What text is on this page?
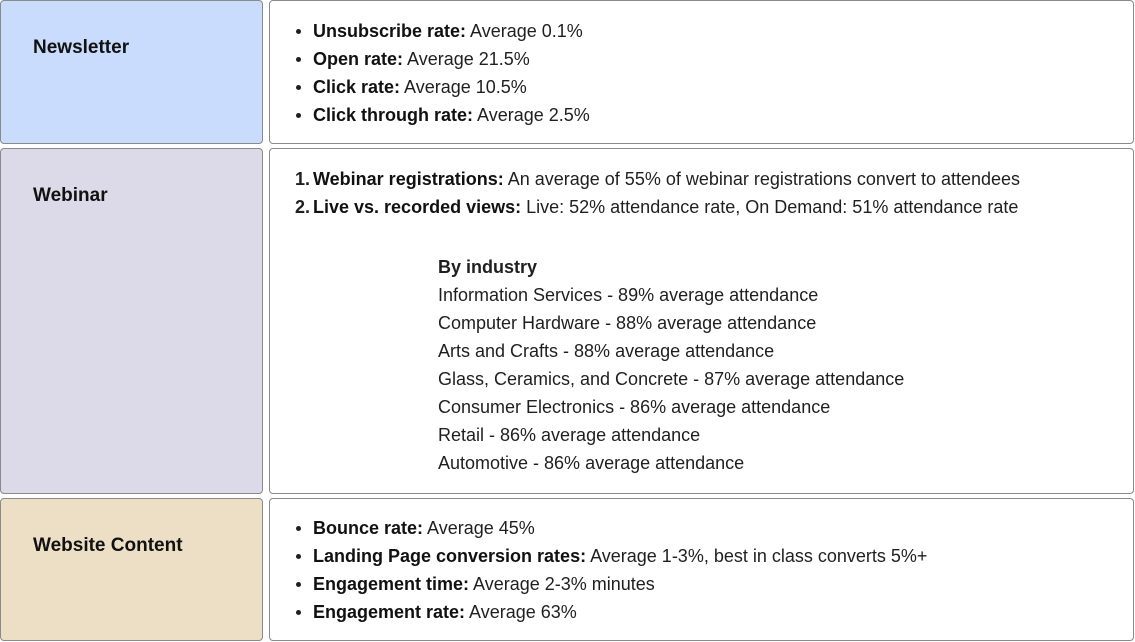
Newsletter
Unsubscribe rate: Average 0.1%
Open rate: Average 21.5%
Click rate: Average 10.5%
Click through rate: Average 2.5%
Webinar
1. Webinar registrations: An average of 55% of webinar registrations convert to attendees
2. Live vs. recorded views: Live: 52% attendance rate, On Demand: 51% attendance rate
By industry
Information Services - 89% average attendance
Computer Hardware - 88% average attendance
Arts and Crafts - 88% average attendance
Glass, Ceramics, and Concrete - 87% average attendance
Consumer Electronics - 86% average attendance
Retail - 86% average attendance
Automotive - 86% average attendance
Website Content
Bounce rate: Average 45%
Landing Page conversion rates: Average 1-3%, best in class converts 5%+
Engagement time: Average 2-3% minutes
Engagement rate: Average 63%
